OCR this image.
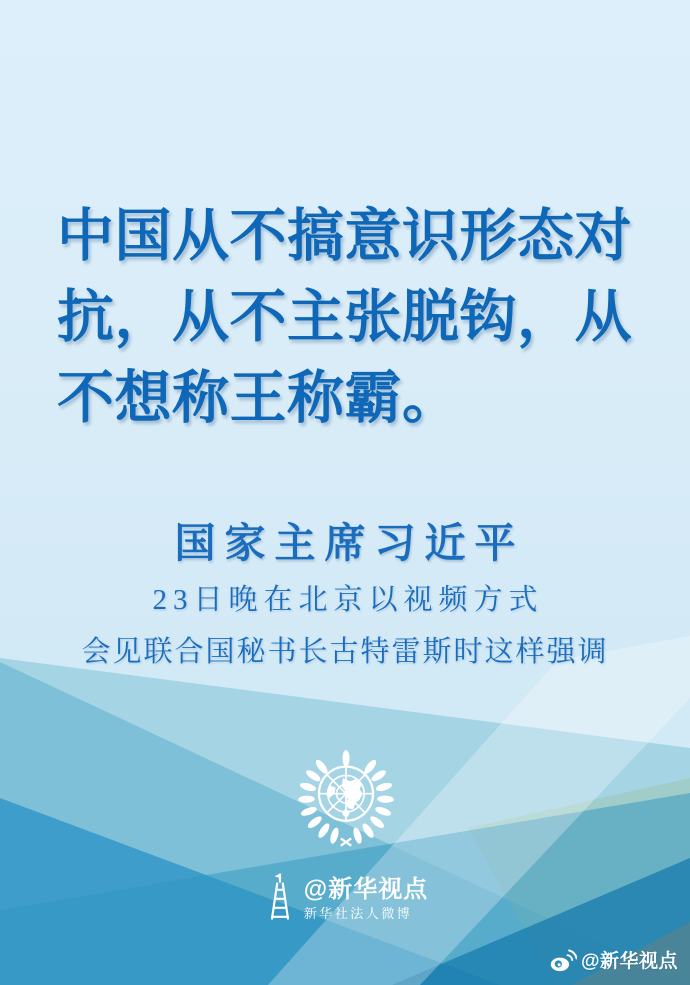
中国从不搞意识形态对
抗，从不主张脱钩，从
不想称王称霸。
国家主席习近平
23日晚在北京以视频方式
会见联合国秘书长古特雷斯时这样强调
@新华视点
新华社法人微博
@新华视点
